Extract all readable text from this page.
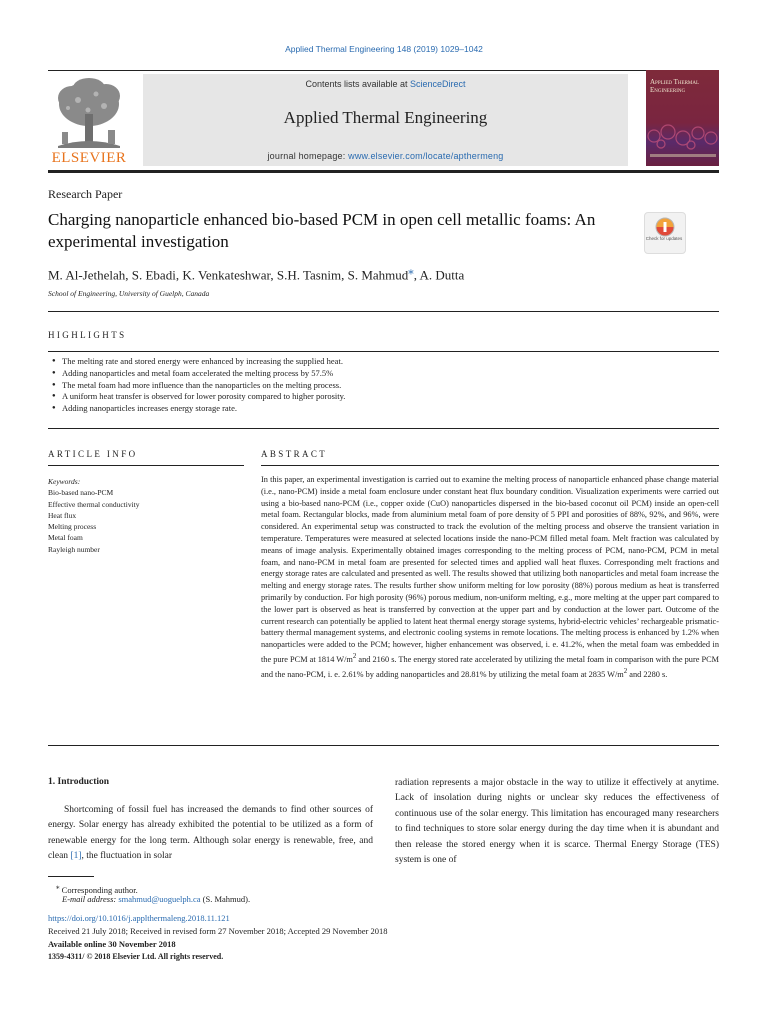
Applied Thermal Engineering 148 (2019) 1029–1042
ELSEVIER
Contents lists available at ScienceDirect
Applied Thermal Engineering
journal homepage: www.elsevier.com/locate/apthermeng
Applied Thermal Engineering
Research Paper
Charging nanoparticle enhanced bio-based PCM in open cell metallic foams: An experimental investigation	Check for updates
M. Al-Jethelah, S. Ebadi, K. Venkateshwar, S.H. Tasnim, S. Mahmud⁎, A. Dutta
School of Engineering, University of Guelph, Canada
HIGHLIGHTS
● The melting rate and stored energy were enhanced by increasing the supplied heat.
● Adding nanoparticles and metal foam accelerated the melting process by 57.5%
● The metal foam had more influence than the nanoparticles on the melting process.
● A uniform heat transfer is observed for lower porosity compared to higher porosity.
● Adding nanoparticles increases energy storage rate.
ARTICLE INFO	ABSTRACT
Keywords:
Bio-based nano-PCM
Effective thermal conductivity
Heat flux
Melting process
Metal foam
Rayleigh number
In this paper, an experimental investigation is carried out to examine the melting process of nanoparticle enhanced phase change material (i.e., nano-PCM) inside a metal foam enclosure under constant heat flux boundary condition. Visualization experiments were carried out using a bio-based nano-PCM (i.e., copper oxide (CuO) nanoparticles dispersed in the bio-based coconut oil PCM) inside an open-cell metal foam. Rectangular blocks, made from aluminium metal foam of pore density of 5 PPI and porosities of 88%, 92%, and 96%, were considered. An experimental setup was constructed to track the evolution of the melting process and observe the transient variation in temperature. Temperatures were measured at selected locations inside the nano-PCM filled metal foam. Melt fraction was calculated by means of image analysis. Experimentally obtained images corresponding to the melting process of PCM, nano-PCM, PCM in metal foam, and nano-PCM in metal foam are presented for selected times and applied wall heat fluxes. Corresponding melt fractions and energy storage rates are calculated and presented as well. The results showed that utilizing both nanoparticles and metal foam increase the melting and energy storage rates. The results further show uniform melting for low porosity (88%) porous medium as heat is transferred primarily by conduction. For high porosity (96%) porous medium, non-uniform melting, e.g., more melting at the upper part compared to the lower part is observed as heat is transferred by convection at the upper part and by conduction at the lower part. Outcome of the current research can potentially be applied to latent heat thermal energy storage systems, hybrid-electric vehicles’ rechargeable prismatic-battery thermal management systems, and electronic cooling systems in remote locations. The melting process is enhanced by 1.2% when nanoparticles were added to the PCM; however, higher enhancement was observed, i. e. 41.2%, when the metal foam was embedded in the pure PCM at 1814 $W/m^2$ and 2160 s. The energy stored rate accelerated by utilizing the metal foam in comparison with the pure PCM and the nano-PCM, i. e. 2.61% by adding nanoparticles and 28.81% by utilizing the metal foam at 2835 $W/m^2$ and 2280 s.
1. Introduction
Shortcoming of fossil fuel has increased the demands to find other sources of energy. Solar energy has already exhibited the potential to be utilized as a form of renewable energy for the long term. Although solar energy is renewable, free, and clean [1], the fluctuation in solar
radiation represents a major obstacle in the way to utilize it effectively at anytime. Lack of insolation during nights or unclear sky reduces the effectiveness of continuous use of the solar energy. This limitation has encouraged many researchers to find techniques to store solar energy during the day time when it is abundant and then release the stored energy when it is scarce. Thermal Energy Storage (TES) system is one of
⁎ Corresponding author.
E-mail address: smahmud@uoguelph.ca (S. Mahmud).
https://doi.org/10.1016/j.applthermaleng.2018.11.121
Received 21 July 2018; Received in revised form 27 November 2018; Accepted 29 November 2018
Available online 30 November 2018
1359-4311/ © 2018 Elsevier Ltd. All rights reserved.
